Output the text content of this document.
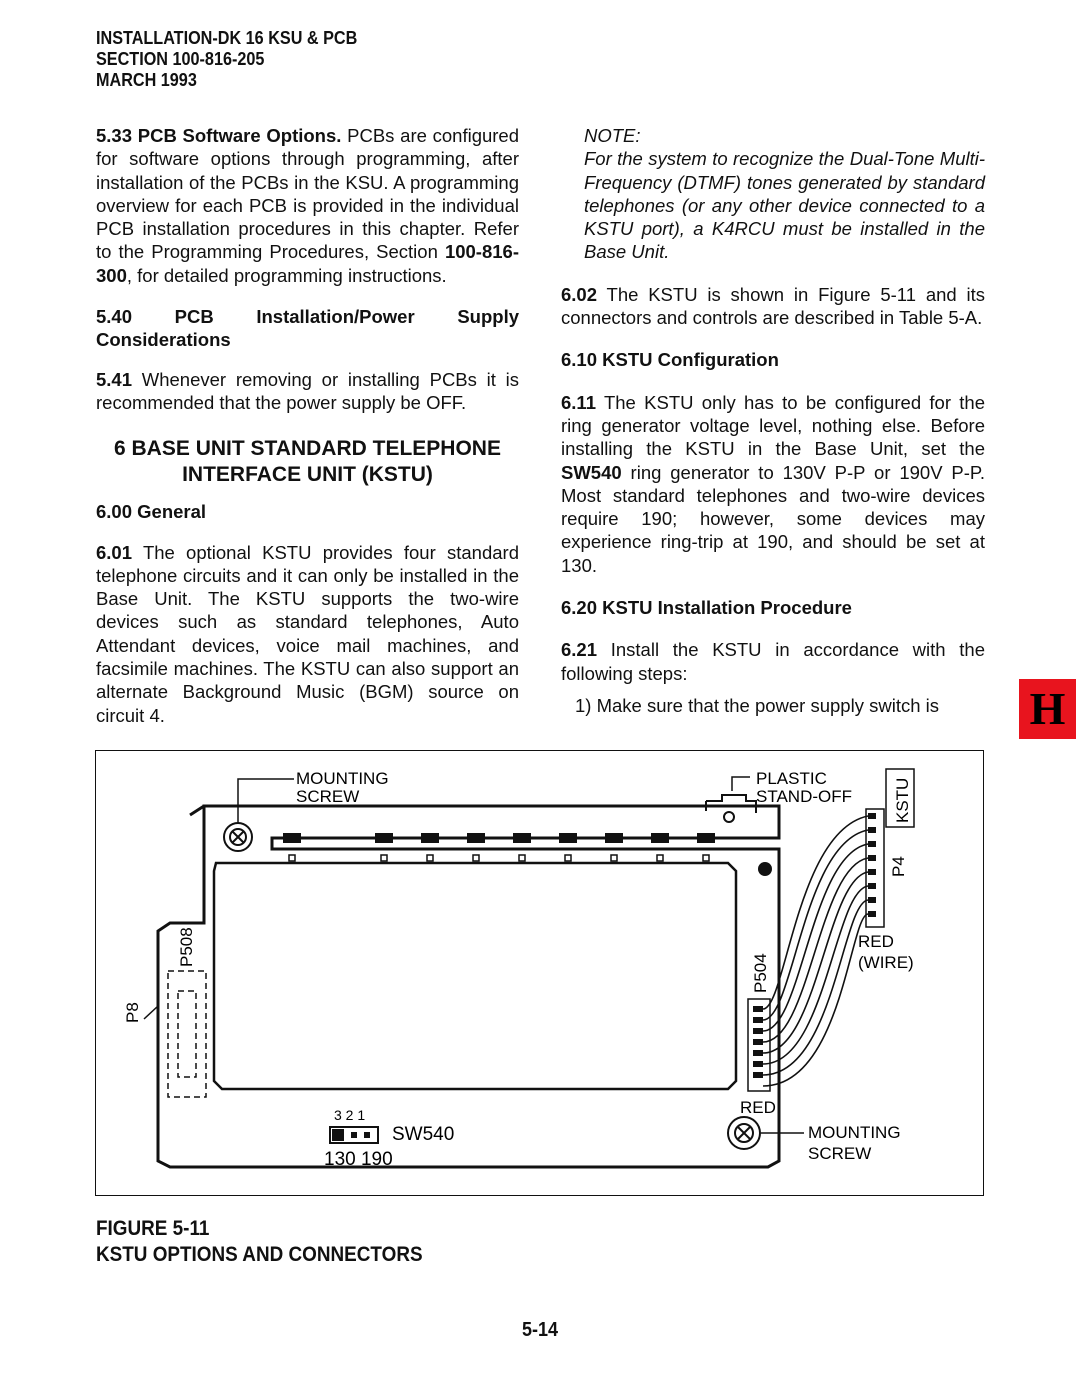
INSTALLATION-DK 16 KSU & PCB
SECTION 100-816-205
MARCH 1993

5.33 PCB Software Options. PCBs are configured for software options through programming, after installation of the PCBs in the KSU. A programming overview for each PCB is provided in the individual PCB installation procedures in this chapter. Refer to the Programming Procedures, Section 100-816-300, for detailed programming instructions.

5.40 PCB Installation/Power Supply Considerations

5.41 Whenever removing or installing PCBs it is recommended that the power supply be OFF.

6 BASE UNIT STANDARD TELEPHONE
INTERFACE UNIT (KSTU)

6.00 General

6.01 The optional KSTU provides four standard telephone circuits and it can only be installed in the Base Unit. The KSTU supports the two-wire devices such as standard telephones, Auto Attendant devices, voice mail machines, and facsimile machines. The KSTU can also support an alternate Background Music (BGM) source on circuit 4.

NOTE:

For the system to recognize the Dual-Tone Multi-Frequency (DTMF) tones generated by standard telephones (or any other device connected to a KSTU port), a K4RCU must be installed in the Base Unit.

6.02 The KSTU is shown in Figure 5-11 and its connectors and controls are described in Table 5-A.

6.10 KSTU Configuration

6.11 The KSTU only has to be configured for the ring generator voltage level, nothing else. Before installing the KSTU in the Base Unit, set the SW540 ring generator to 130V P-P or 190V P-P. Most standard telephones and two-wire devices require 190; however, some devices may experience ring-trip at 190, and should be set at 130.

6.20 KSTU Installation Procedure

6.21 Install the KSTU in accordance with the following steps:

1) Make sure that the power supply switch is	H
MOUNTING
SCREW
PLASTIC
STAND-OFF KSTU
P4
RED
(WIRE)
P508
P8
P504
RED
3 2 1
SW540
130 190
MOUNTING
SCREW
FIGURE 5-11
KSTU OPTIONS AND CONNECTORS
5-14
